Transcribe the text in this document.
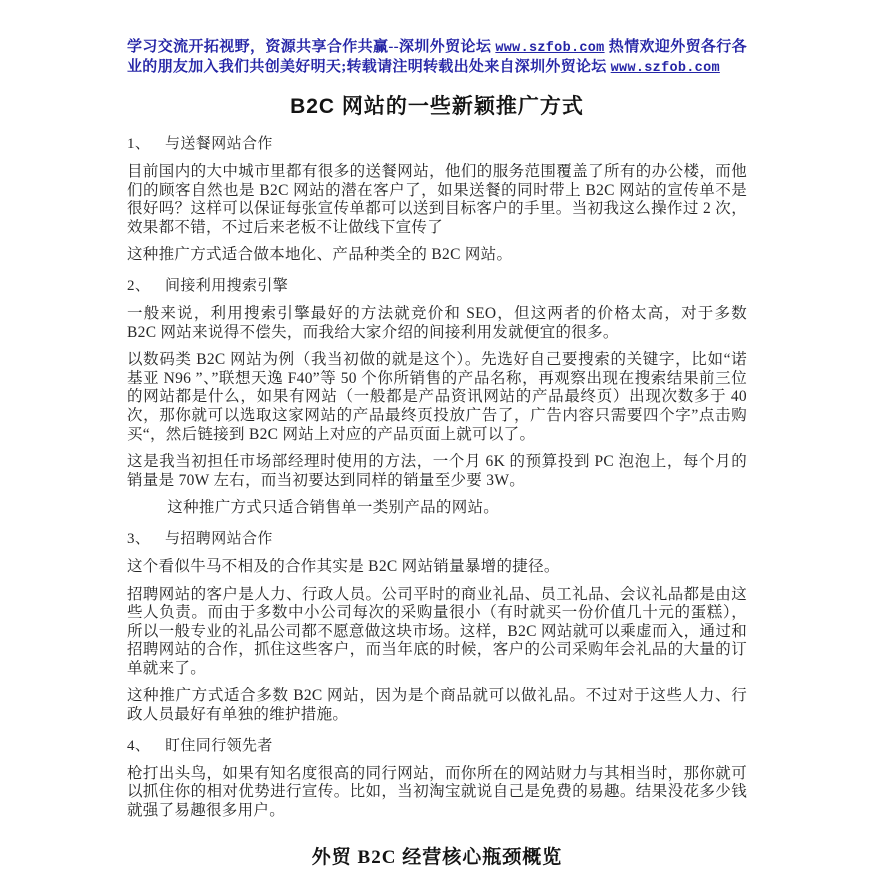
学习交流开拓视野，资源共享合作共赢--深圳外贸论坛 www.szfob.com 热情欢迎外贸各行各业的朋友加入我们共创美好明天;转载请注明转载出处来自深圳外贸论坛 www.szfob.com
B2C 网站的一些新颖推广方式
1、 与送餐网站合作

目前国内的大中城市里都有很多的送餐网站，他们的服务范围覆盖了所有的办公楼，而他们的顾客自然也是 B2C 网站的潜在客户了，如果送餐的同时带上 B2C 网站的宣传单不是很好吗？这样可以保证每张宣传单都可以送到目标客户的手里。当初我这么操作过 2 次，效果都不错，不过后来老板不让做线下宣传了

这种推广方式适合做本地化、产品种类全的 B2C 网站。

2、 间接利用搜索引擎

一般来说，利用搜索引擎最好的方法就竞价和 SEO，但这两者的价格太高，对于多数 B2C 网站来说得不偿失，而我给大家介绍的间接利用发就便宜的很多。

以数码类 B2C 网站为例（我当初做的就是这个）。先选好自己要搜索的关键字，比如“诺基亚 N96 ”、”联想天逸 F40”等 50 个你所销售的产品名称，再观察出现在搜索结果前三位的网站都是什么，如果有网站（一般都是产品资讯网站的产品最终页）出现次数多于 40 次，那你就可以选取这家网站的产品最终页投放广告了，广告内容只需要四个字”点击购买“，然后链接到 B2C 网站上对应的产品页面上就可以了。

这是我当初担任市场部经理时使用的方法，一个月 6K 的预算投到 PC 泡泡上，每个月的销量是 70W 左右，而当初要达到同样的销量至少要 3W。

这种推广方式只适合销售单一类别产品的网站。

3、 与招聘网站合作

这个看似牛马不相及的合作其实是 B2C 网站销量暴增的捷径。

招聘网站的客户是人力、行政人员。公司平时的商业礼品、员工礼品、会议礼品都是由这些人负责。而由于多数中小公司每次的采购量很小（有时就买一份价值几十元的蛋糕），所以一般专业的礼品公司都不愿意做这块市场。这样，B2C 网站就可以乘虚而入，通过和招聘网站的合作，抓住这些客户，而当年底的时候，客户的公司采购年会礼品的大量的订单就来了。

这种推广方式适合多数 B2C 网站，因为是个商品就可以做礼品。不过对于这些人力、行政人员最好有单独的维护措施。

4、 盯住同行领先者

枪打出头鸟，如果有知名度很高的同行网站，而你所在的网站财力与其相当时，那你就可以抓住你的相对优势进行宣传。比如，当初淘宝就说自己是免费的易趣。结果没花多少钱就强了易趣很多用户。

外贸 B2C 经营核心瓶颈概览
